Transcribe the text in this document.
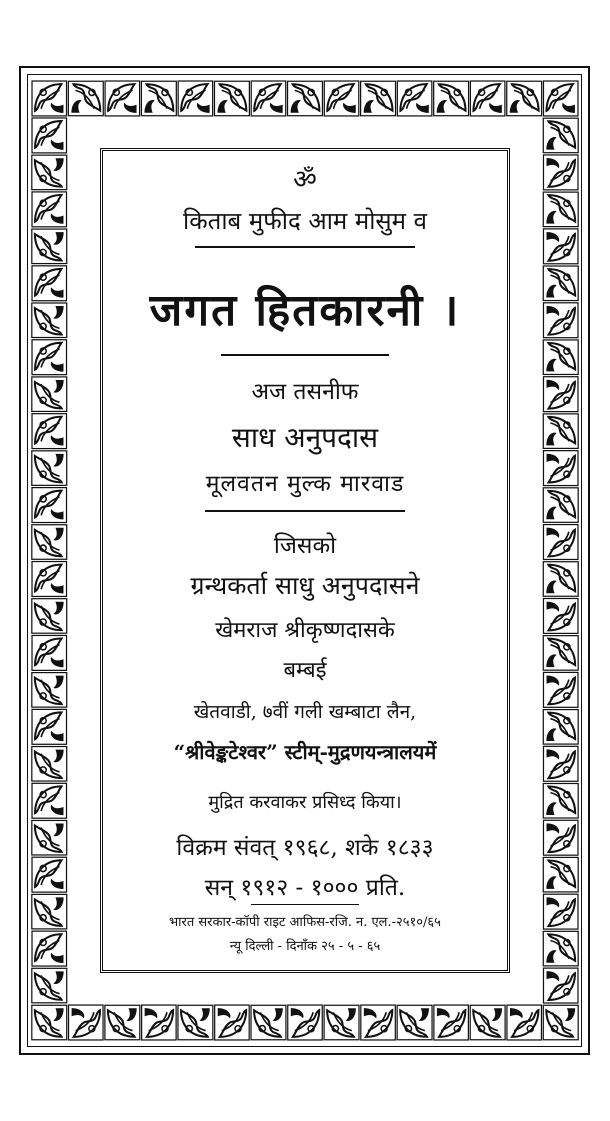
ॐ
किताब मुफीद आम मोसुम व
जगत हितकारनी ।
अज तसनीफ
साध अनुपदास
मूलवतन मुल्क मारवाड
जिसको
ग्रन्थकर्ता साधु अनुपदासने
खेमराज श्रीकृष्णदासके
बम्बई
खेतवाडी, ७वीं गली खम्बाटा लैन,
“श्रीवेङ्कटेश्वर” स्टीम्-मुद्रणयन्त्रालयमें
मुद्रित करवाकर प्रसिध्द किया।
विक्रम संवत् १९६८, शके १८३३
सन् १९१२ - १००० प्रति.
भारत सरकार-कॉपी राइट आफिस-रजि. न. एल.-२५१०/६५
न्यू दिल्ली - दिनाँक २५ - ५ - ६५
